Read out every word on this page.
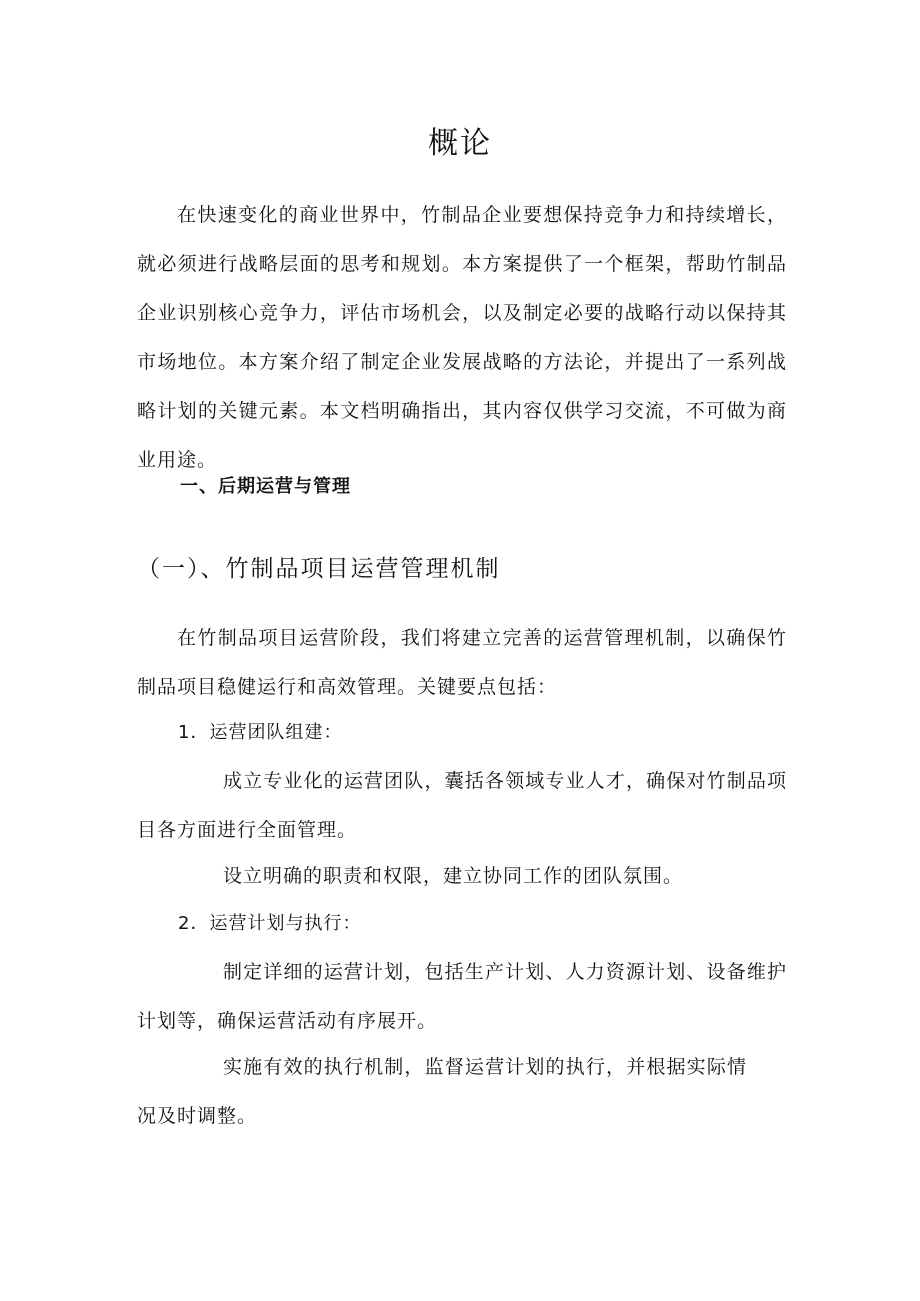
概论

在快速变化的商业世界中，竹制品企业要想保持竞争力和持续增长，就必须进行战略层面的思考和规划。本方案提供了一个框架，帮助竹制品企业识别核心竞争力，评估市场机会，以及制定必要的战略行动以保持其市场地位。本方案介绍了制定企业发展战略的方法论，并提出了一系列战略计划的关键元素。本文档明确指出，其内容仅供学习交流，不可做为商业用途。

一、后期运营与管理
（一）、竹制品项目运营管理机制

在竹制品项目运营阶段，我们将建立完善的运营管理机制，以确保竹制品项目稳健运行和高效管理。关键要点包括：

1．运营团队组建：

成立专业化的运营团队，囊括各领域专业人才，确保对竹制品项目各方面进行全面管理。

设立明确的职责和权限，建立协同工作的团队氛围。

2．运营计划与执行：

制定详细的运营计划，包括生产计划、人力资源计划、设备维护计划等，确保运营活动有序展开。

实施有效的执行机制，监督运营计划的执行，并根据实际情况及时调整。
